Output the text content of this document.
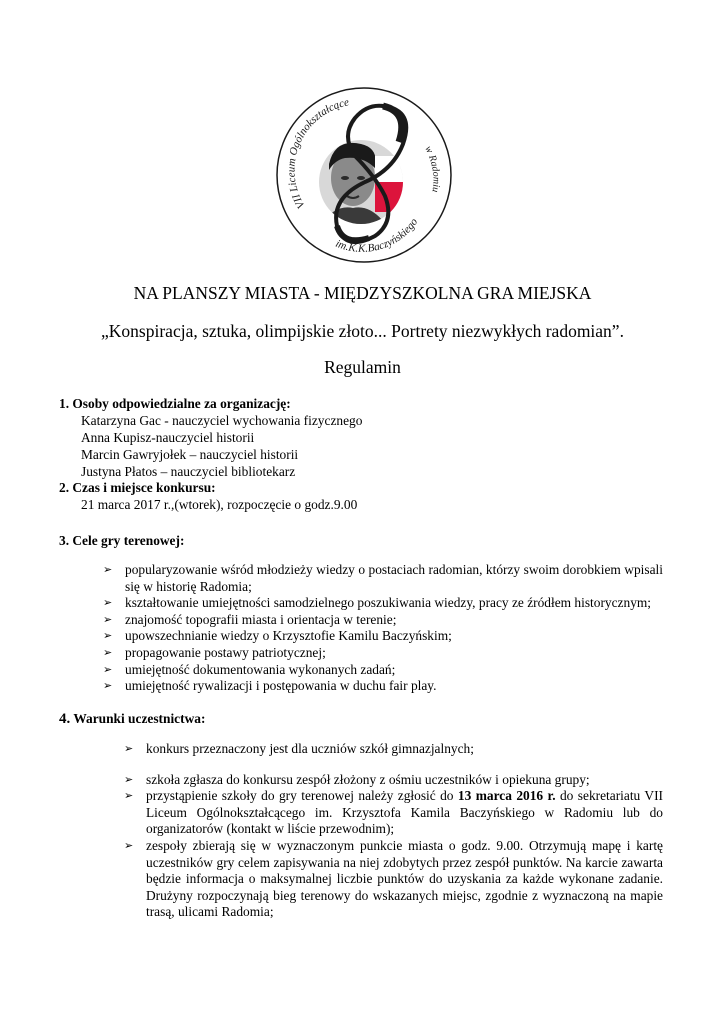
VII Liceum Ogólnokształcące
w Radomiu
im.K.K.Baczyńskiego
NA PLANSZY MIASTA - MIĘDZYSZKOLNA GRA MIEJSKA
„Konspiracja, sztuka, olimpijskie złoto... Portrety niezwykłych radomian”.
Regulamin
1. Osoby odpowiedzialne za organizację:
Katarzyna Gac - nauczyciel wychowania fizycznego
Anna Kupisz-nauczyciel historii
Marcin Gawryjołek – nauczyciel historii
Justyna Płatos – nauczyciel bibliotekarz
2. Czas i miejsce konkursu:
21 marca 2017 r.,(wtorek), rozpoczęcie o godz.9.00
3. Cele gry terenowej:
➢ popularyzowanie wśród młodzieży wiedzy o postaciach radomian, którzy swoim dorobkiem wpisali się w historię Radomia;
➢ kształtowanie umiejętności samodzielnego poszukiwania wiedzy, pracy ze źródłem historycznym;
➢ znajomość topografii miasta i orientacja w terenie;
➢ upowszechnianie wiedzy o Krzysztofie Kamilu Baczyńskim;
➢ propagowanie postawy patriotycznej;
➢ umiejętność dokumentowania wykonanych zadań;
➢ umiejętność rywalizacji i postępowania w duchu fair play.
4. Warunki uczestnictwa:
➢ konkurs przeznaczony jest dla uczniów szkół gimnazjalnych;
➢ szkoła zgłasza do konkursu zespół złożony z ośmiu uczestników i opiekuna grupy;
➢ przystąpienie szkoły do gry terenowej należy zgłosić do 13 marca 2016 r. do sekretariatu VII Liceum Ogólnokształcącego im. Krzysztofa Kamila Baczyńskiego w Radomiu lub do organizatorów (kontakt w liście przewodnim);
➢ zespoły zbierają się w wyznaczonym punkcie miasta o godz. 9.00. Otrzymują mapę i kartę uczestników gry celem zapisywania na niej zdobytych przez zespół punktów. Na karcie zawarta będzie informacja o maksymalnej liczbie punktów do uzyskania za każde wykonane zadanie. Drużyny rozpoczynają bieg terenowy do wskazanych miejsc, zgodnie z wyznaczoną na mapie trasą, ulicami Radomia;
